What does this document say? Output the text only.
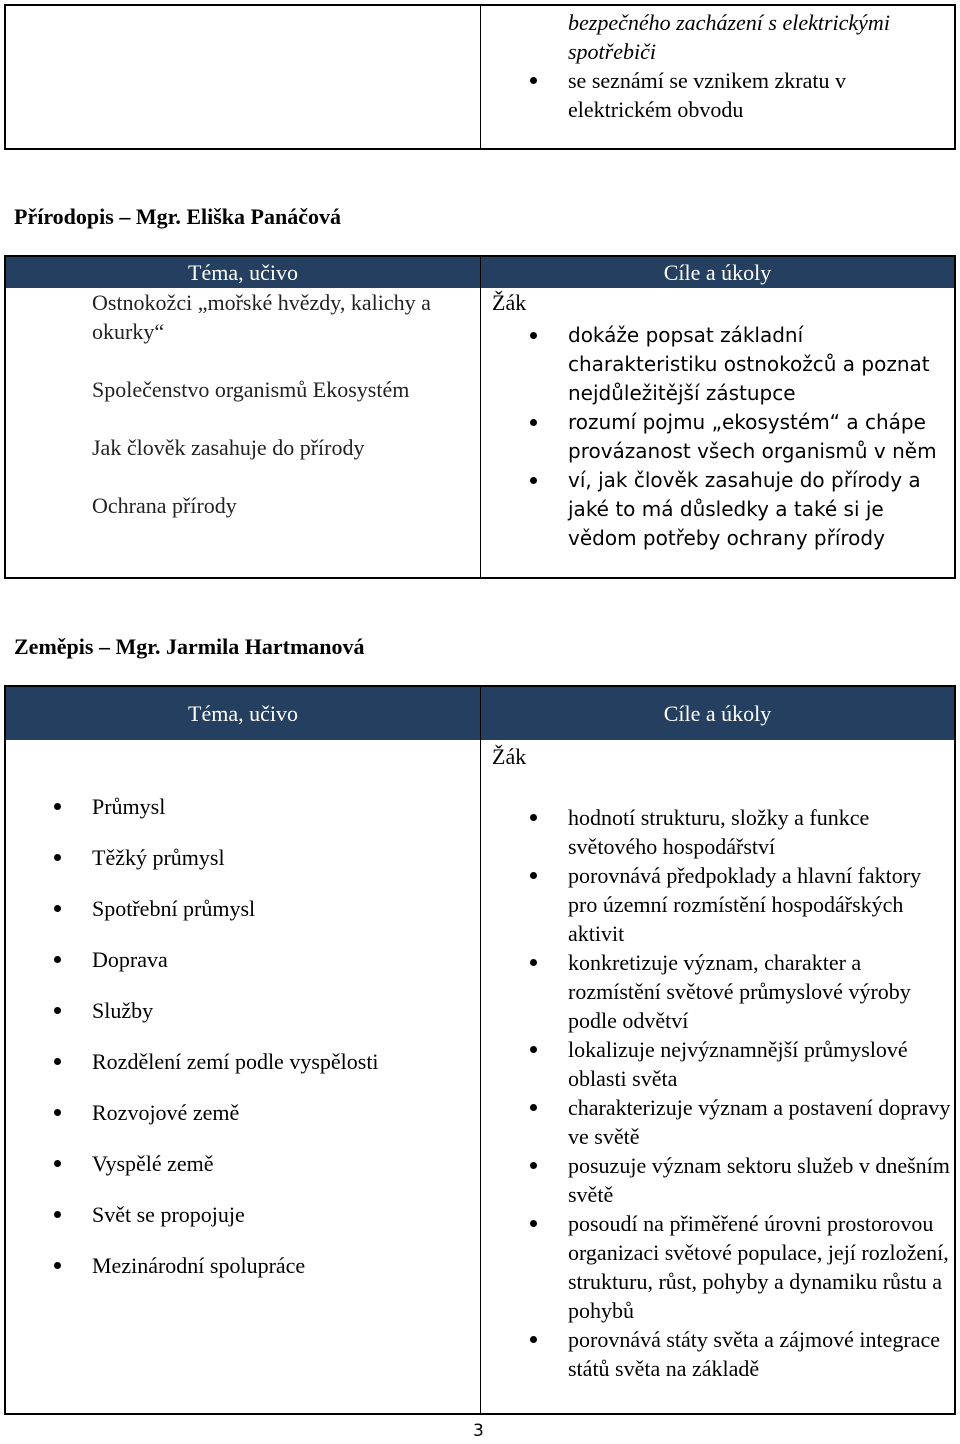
bezpečného zacházení s elektrickými spotřebiči
se seznámí se vznikem zkratu v elektrickém obvodu
Přírodopis – Mgr. Eliška Panáčová
Téma, učivo	Cíle a úkoly
Ostnokožci „mořské hvězdy, kalichy a okurky“
Společenstvo organismů Ekosystém
Jak člověk zasahuje do přírody
Ochrana přírody
Žák
dokáže popsat základní charakteristiku ostnokožců a poznat nejdůležitější zástupce
rozumí pojmu „ekosystém“ a chápe provázanost všech organismů v něm
ví, jak člověk zasahuje do přírody a jaké to má důsledky a také si je vědom potřeby ochrany přírody
Zeměpis – Mgr. Jarmila Hartmanová
Téma, učivo	Cíle a úkoly
Průmysl
Těžký průmysl
Spotřební průmysl
Doprava
Služby
Rozdělení zemí podle vyspělosti
Rozvojové země
Vyspělé země
Svět se propojuje
Mezinárodní spolupráce
Žák
hodnotí strukturu, složky a funkce světového hospodářství
porovnává předpoklady a hlavní faktory pro územní rozmístění hospodářských aktivit
konkretizuje význam, charakter a rozmístění světové průmyslové výroby podle odvětví
lokalizuje nejvýznamnější průmyslové oblasti světa
charakterizuje význam a postavení dopravy ve světě
posuzuje význam sektoru služeb v dnešním světě
posoudí na přiměřené úrovni prostorovou organizaci světové populace, její rozložení, strukturu, růst, pohyby a dynamiku růstu a pohybů
porovnává státy světa a zájmové integrace států světa na základě
3
